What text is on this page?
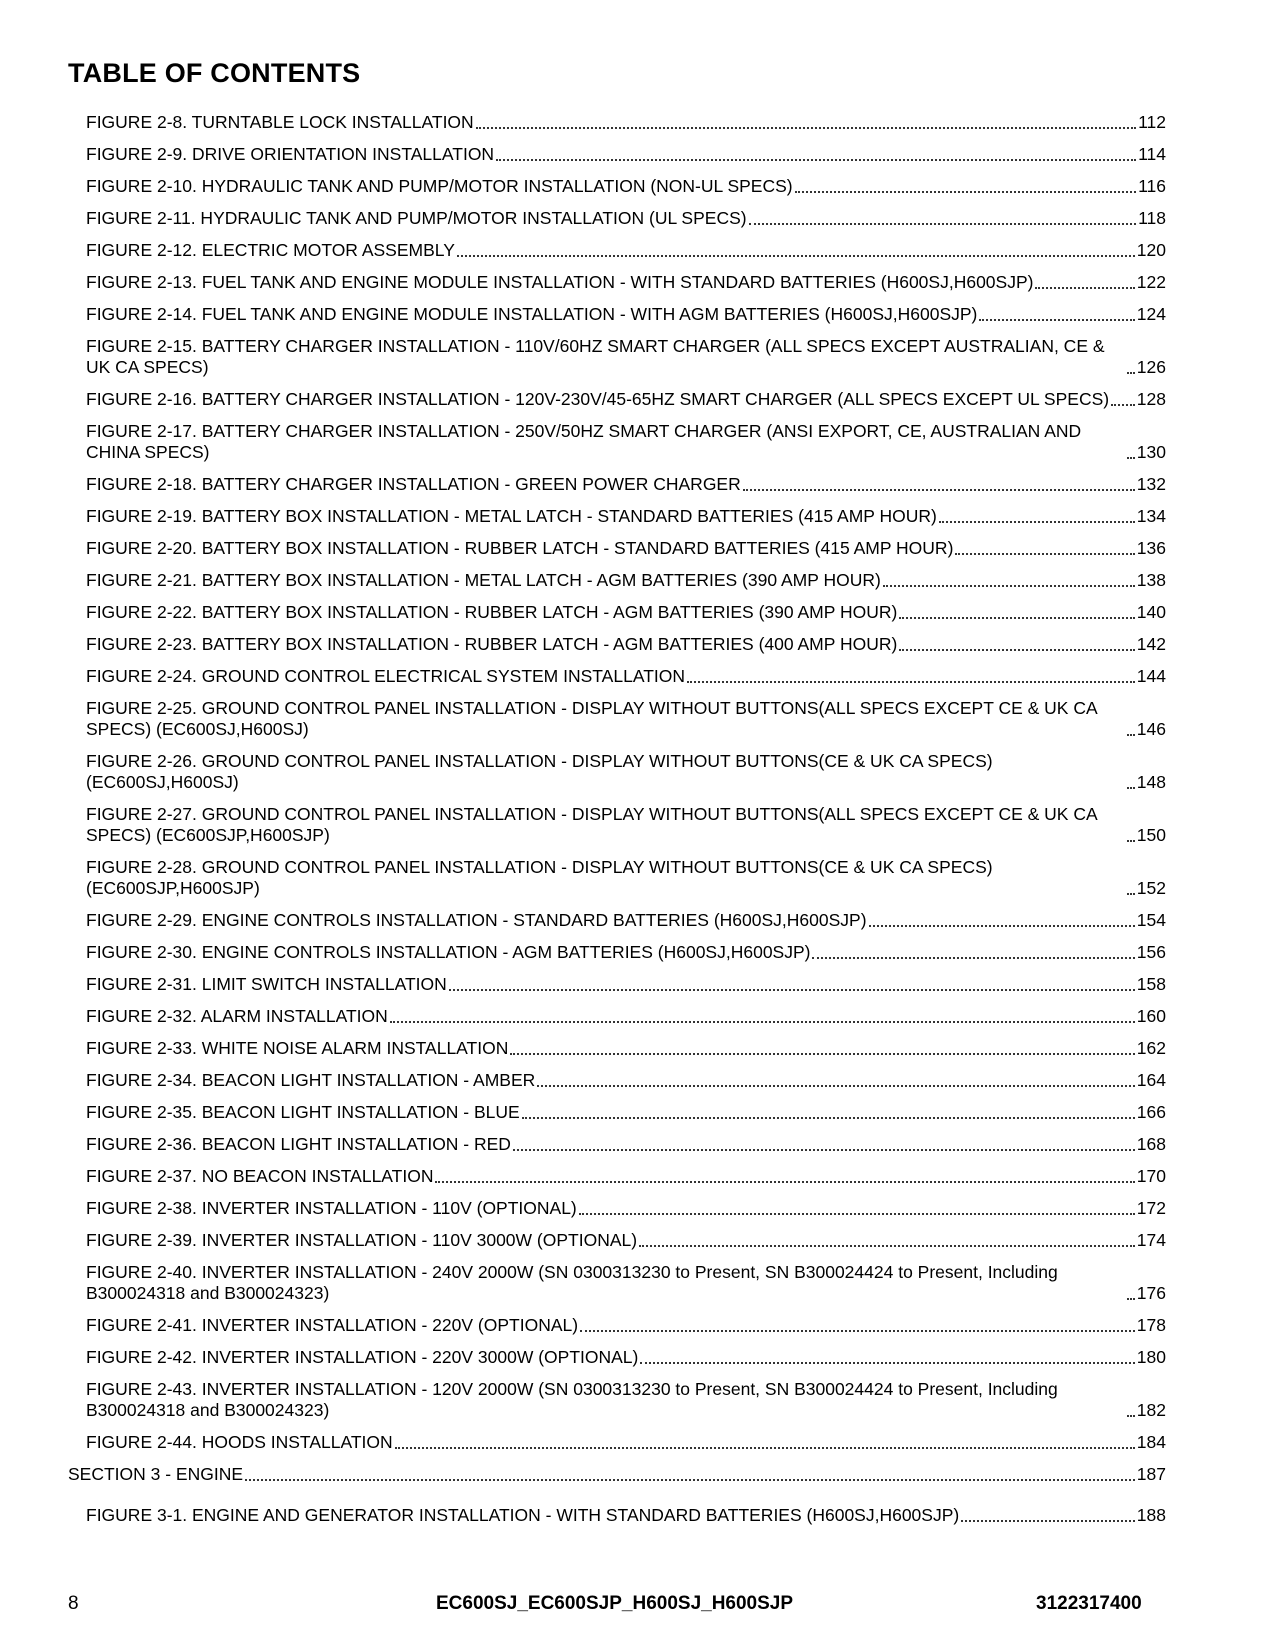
TABLE OF CONTENTS
FIGURE 2-8. TURNTABLE LOCK INSTALLATION	112
FIGURE 2-9. DRIVE ORIENTATION INSTALLATION	114
FIGURE 2-10. HYDRAULIC TANK AND PUMP/MOTOR INSTALLATION (NON-UL SPECS)	116
FIGURE 2-11. HYDRAULIC TANK AND PUMP/MOTOR INSTALLATION (UL SPECS)	118
FIGURE 2-12. ELECTRIC MOTOR ASSEMBLY	120
FIGURE 2-13. FUEL TANK AND ENGINE MODULE INSTALLATION - WITH STANDARD BATTERIES (H600SJ,H600SJP)	122
FIGURE 2-14. FUEL TANK AND ENGINE MODULE INSTALLATION - WITH AGM BATTERIES (H600SJ,H600SJP)	124
FIGURE 2-15. BATTERY CHARGER INSTALLATION - 110V/60HZ SMART CHARGER (ALL SPECS EXCEPT AUSTRALIAN, CE & UK CA SPECS)	126
FIGURE 2-16. BATTERY CHARGER INSTALLATION - 120V-230V/45-65HZ SMART CHARGER (ALL SPECS EXCEPT UL SPECS) 128
FIGURE 2-17. BATTERY CHARGER INSTALLATION - 250V/50HZ SMART CHARGER (ANSI EXPORT, CE, AUSTRALIAN AND CHINA SPECS)	130
FIGURE 2-18. BATTERY CHARGER INSTALLATION - GREEN POWER CHARGER	132
FIGURE 2-19. BATTERY BOX INSTALLATION - METAL LATCH - STANDARD BATTERIES (415 AMP HOUR)	134
FIGURE 2-20. BATTERY BOX INSTALLATION - RUBBER LATCH - STANDARD BATTERIES (415 AMP HOUR)	136
FIGURE 2-21. BATTERY BOX INSTALLATION - METAL LATCH - AGM BATTERIES (390 AMP HOUR)	138
FIGURE 2-22. BATTERY BOX INSTALLATION - RUBBER LATCH - AGM BATTERIES (390 AMP HOUR)	140
FIGURE 2-23. BATTERY BOX INSTALLATION - RUBBER LATCH - AGM BATTERIES (400 AMP HOUR)	142
FIGURE 2-24. GROUND CONTROL ELECTRICAL SYSTEM INSTALLATION	144
FIGURE 2-25. GROUND CONTROL PANEL INSTALLATION - DISPLAY WITHOUT BUTTONS(ALL SPECS EXCEPT CE & UK CA SPECS) (EC600SJ,H600SJ)	146
FIGURE 2-26. GROUND CONTROL PANEL INSTALLATION - DISPLAY WITHOUT BUTTONS(CE & UK CA SPECS) (EC600SJ,H600SJ)	148
FIGURE 2-27. GROUND CONTROL PANEL INSTALLATION - DISPLAY WITHOUT BUTTONS(ALL SPECS EXCEPT CE & UK CA SPECS) (EC600SJP,H600SJP)	150
FIGURE 2-28. GROUND CONTROL PANEL INSTALLATION - DISPLAY WITHOUT BUTTONS(CE & UK CA SPECS) (EC600SJP,H600SJP)	152
FIGURE 2-29. ENGINE CONTROLS INSTALLATION - STANDARD BATTERIES (H600SJ,H600SJP)	154
FIGURE 2-30. ENGINE CONTROLS INSTALLATION - AGM BATTERIES (H600SJ,H600SJP)	156
FIGURE 2-31. LIMIT SWITCH INSTALLATION	158
FIGURE 2-32. ALARM INSTALLATION	160
FIGURE 2-33. WHITE NOISE ALARM INSTALLATION	162
FIGURE 2-34. BEACON LIGHT INSTALLATION - AMBER	164
FIGURE 2-35. BEACON LIGHT INSTALLATION - BLUE	166
FIGURE 2-36. BEACON LIGHT INSTALLATION - RED	168
FIGURE 2-37. NO BEACON INSTALLATION	170
FIGURE 2-38. INVERTER INSTALLATION - 110V (OPTIONAL)	172
FIGURE 2-39. INVERTER INSTALLATION - 110V 3000W (OPTIONAL)	174
FIGURE 2-40. INVERTER INSTALLATION - 240V 2000W (SN 0300313230 to Present, SN B300024424 to Present, Including B300024318 and B300024323)	176
FIGURE 2-41. INVERTER INSTALLATION - 220V (OPTIONAL)	178
FIGURE 2-42. INVERTER INSTALLATION - 220V 3000W (OPTIONAL)	180
FIGURE 2-43. INVERTER INSTALLATION - 120V 2000W (SN 0300313230 to Present, SN B300024424 to Present, Including B300024318 and B300024323)	182
FIGURE 2-44. HOODS INSTALLATION	184
SECTION 3 - ENGINE	187
FIGURE 3-1. ENGINE AND GENERATOR INSTALLATION - WITH STANDARD BATTERIES (H600SJ,H600SJP)	188
8	EC600SJ_EC600SJP_H600SJ_H600SJP	3122317400
